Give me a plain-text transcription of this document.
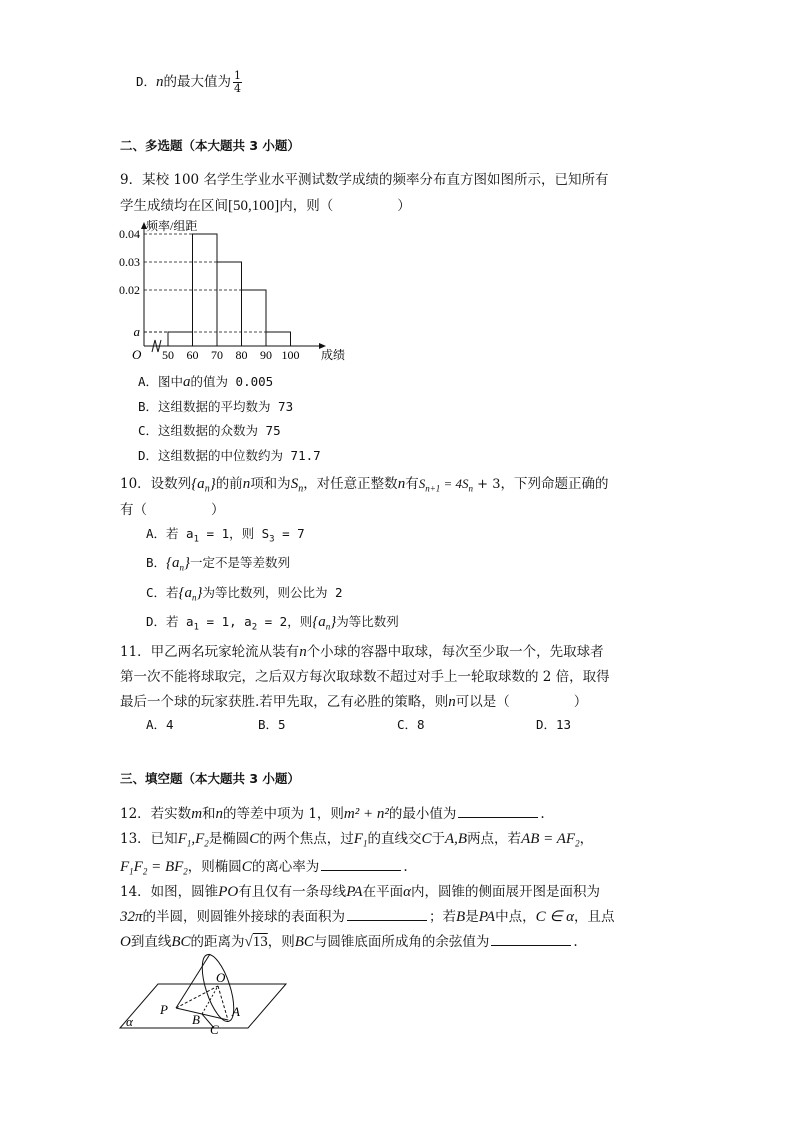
D．n的最大值为 $\frac{1}{4}$
二、多选题（本大题共 3 小题）
9．某校 100 名学生学业水平测试数学成绩的频率分布直方图如图所示，已知所有
学生成绩均在区间[50,100]内，则（	）
0.04
0.03
0.02
a
50 60 70 80 90 100
O
频率/组距
成绩
A．图中a的值为 0.005
B．这组数据的平均数为 73
C．这组数据的众数为 75
D．这组数据的中位数约为 71.7
10．设数列$\{a_n\}$的前n项和为$S_n$，对任意正整数n有$S_{n+1} = 4S_n + 3$，下列命题正确的
有（	）
A．若 $a_1 = 1$，则 $S_3 = 7$
B．$\{a_n\}$一定不是等差数列
C．若$\{a_n\}$为等比数列，则公比为 2
D．若 $a_1 = 1$, $a_2 = 2$，则$\{a_n\}$为等比数列
11．甲乙两名玩家轮流从装有n个小球的容器中取球，每次至少取一个，先取球者
第一次不能将球取完，之后双方每次取球数不超过对手上一轮取球数的 2 倍，取得
最后一个球的玩家获胜.若甲先取，乙有必胜的策略，则n可以是（	）
A．4	B．5	C．8	D．13
三、填空题（本大题共 3 小题）
12．若实数m和n的等差中项为 1，则m² + n²的最小值为	.
13．已知$F_1,F_2$是椭圆C的两个焦点，过$F_1$的直线交C于A,B两点，若AB = $AF_2$，
$F_1F_2 = BF_2$，则椭圆C的离心率为	.
14．如图，圆锥PO有且仅有一条母线PA在平面α内，圆锥的侧面展开图是面积为
32π的半圆，则圆锥外接球的表面积为	；若B是PA中点，C ∈ α，且点
O到直线BC的距离为√13，则BC与圆锥底面所成角的余弦值为	.
P
B
C
A
O
α
